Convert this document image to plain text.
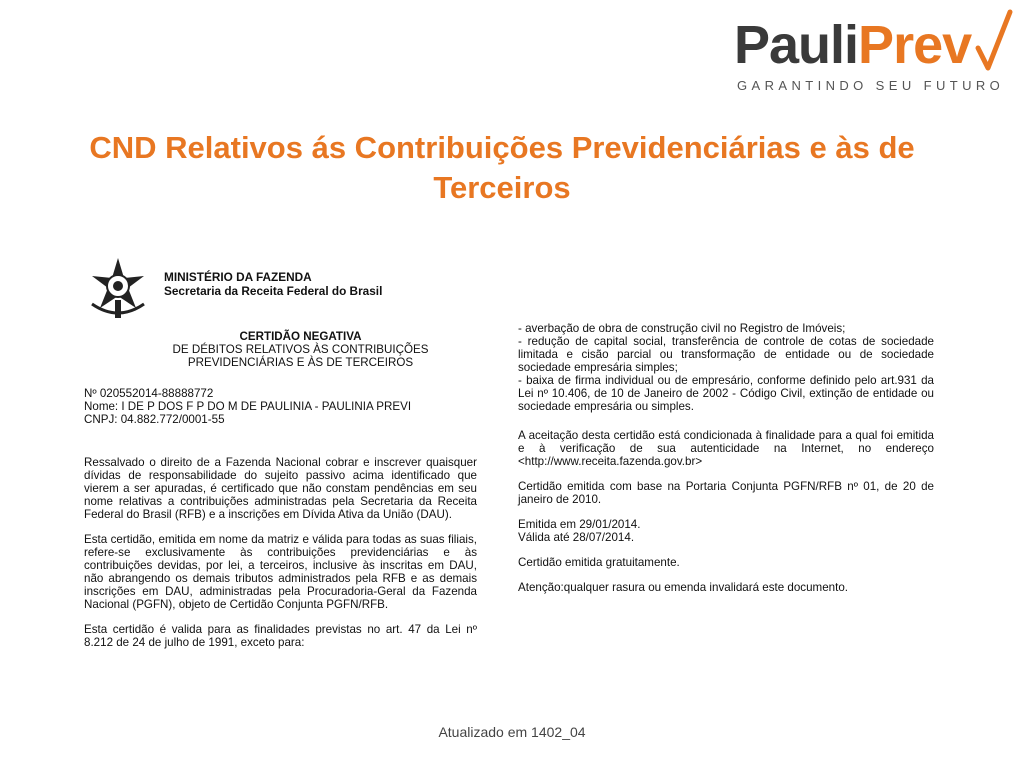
PauliPrev
GARANTINDO SEU FUTURO
CND Relativos ás Contribuições Previdenciárias e às de Terceiros
MINISTÉRIO DA FAZENDA
Secretaria da Receita Federal do Brasil
CERTIDÃO NEGATIVA
DE DÉBITOS RELATIVOS ÀS CONTRIBUIÇÕES
PREVIDENCIÁRIAS E ÀS DE TERCEIROS
Nº 020552014-88888772
Nome: I DE P DOS F P DO M DE PAULINIA - PAULINIA PREVI
CNPJ: 04.882.772/0001-55

Ressalvado o direito de a Fazenda Nacional cobrar e inscrever quaisquer dívidas de responsabilidade do sujeito passivo acima identificado que vierem a ser apuradas, é certificado que não constam pendências em seu nome relativas a contribuições administradas pela Secretaria da Receita Federal do Brasil (RFB) e a inscrições em Dívida Ativa da União (DAU).

Esta certidão, emitida em nome da matriz e válida para todas as suas filiais, refere-se exclusivamente às contribuições previdenciárias e às contribuições devidas, por lei, a terceiros, inclusive às inscritas em DAU, não abrangendo os demais tributos administrados pela RFB e as demais inscrições em DAU, administradas pela Procuradoria-Geral da Fazenda Nacional (PGFN), objeto de Certidão Conjunta PGFN/RFB.

Esta certidão é valida para as finalidades previstas no art. 47 da Lei nº 8.212 de 24 de julho de 1991, exceto para:

- averbação de obra de construção civil no Registro de Imóveis;

- redução de capital social, transferência de controle de cotas de sociedade limitada e cisão parcial ou transformação de entidade ou de sociedade sociedade empresária simples;

- baixa de firma individual ou de empresário, conforme definido pelo art.931 da Lei nº 10.406, de 10 de Janeiro de 2002 - Código Civil, extinção de entidade ou sociedade empresária ou simples.

A aceitação desta certidão está condicionada à finalidade para a qual foi emitida e à verificação de sua autenticidade na Internet, no endereço <http://www.receita.fazenda.gov.br>

Certidão emitida com base na Portaria Conjunta PGFN/RFB nº 01, de 20 de janeiro de 2010.

Emitida em 29/01/2014.
Válida até 28/07/2014.
Certidão emitida gratuitamente.
Atenção:qualquer rasura ou emenda invalidará este documento.
Atualizado em 1402_04
